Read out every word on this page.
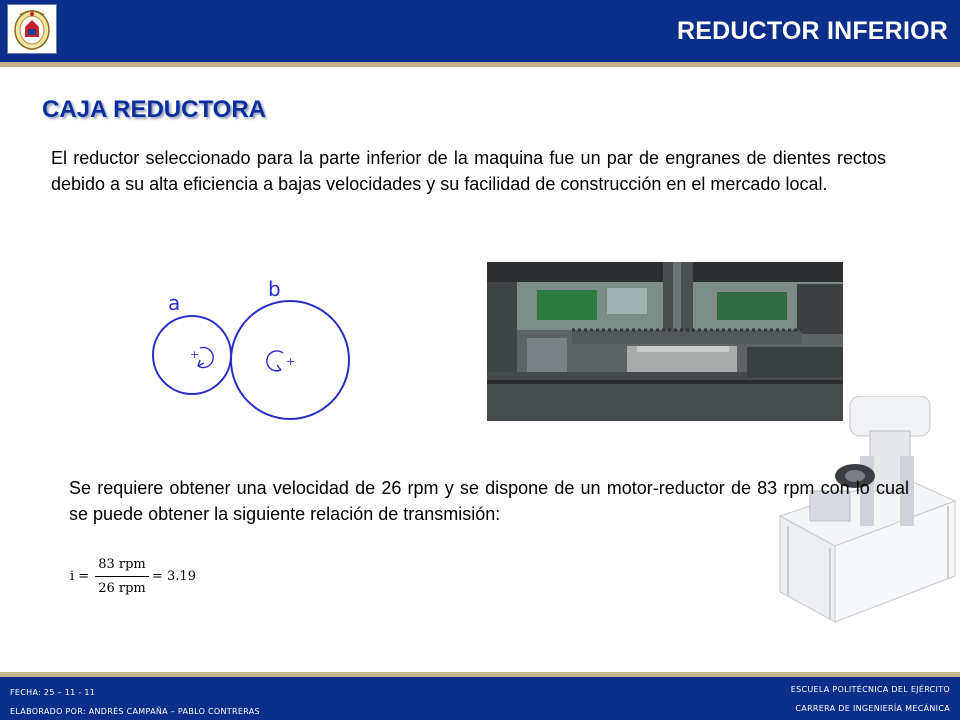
REDUCTOR INFERIOR
CAJA REDUCTORA

El reductor seleccionado para la parte inferior de la maquina fue un par de engranes de dientes rectos debido a su alta eficiencia a bajas velocidades y su facilidad de construcción en el mercado local.

+
+
a
b

Se requiere obtener una velocidad de 26 rpm y se dispone de un motor-reductor de 83 rpm con lo cual se puede obtener la siguiente relación de transmisión:

i =
83 rpm
26 rpm
= 3.19
FECHA: 25 – 11 - 11
ELABORADO POR: ANDRÉS CAMPAÑA – PABLO CONTRERAS
ESCUELA POLITÉCNICA DEL EJÉRCITO
CARRERA DE INGENIERÍA MECÁNICA
